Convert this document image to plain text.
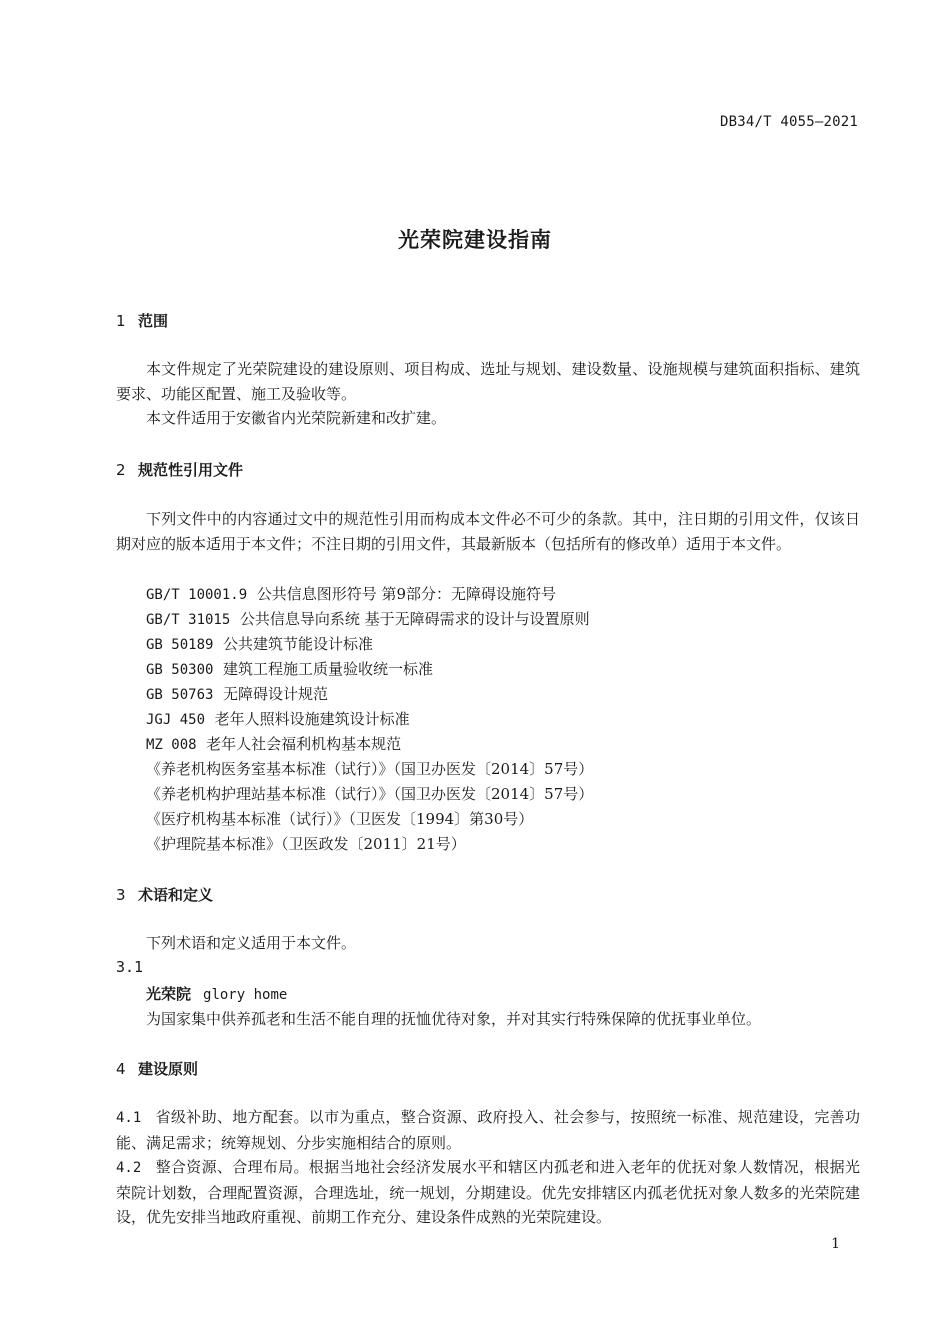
DB34/T 4055—2021
光荣院建设指南
1 范围
本文件规定了光荣院建设的建设原则、项目构成、选址与规划、建设数量、设施规模与建筑面积指标、建筑要求、功能区配置、施工及验收等。
本文件适用于安徽省内光荣院新建和改扩建。
2 规范性引用文件
下列文件中的内容通过文中的规范性引用而构成本文件必不可少的条款。其中，注日期的引用文件，仅该日期对应的版本适用于本文件；不注日期的引用文件，其最新版本（包括所有的修改单）适用于本文件。
GB/T 10001.9 公共信息图形符号 第9部分：无障碍设施符号
GB/T 31015 公共信息导向系统 基于无障碍需求的设计与设置原则
GB 50189 公共建筑节能设计标准
GB 50300 建筑工程施工质量验收统一标准
GB 50763 无障碍设计规范
JGJ 450 老年人照料设施建筑设计标准
MZ 008 老年人社会福利机构基本规范
《养老机构医务室基本标准（试行）》（国卫办医发〔2014〕57号）
《养老机构护理站基本标准（试行）》（国卫办医发〔2014〕57号）
《医疗机构基本标准（试行）》（卫医发〔1994〕第30号）
《护理院基本标准》（卫医政发〔2011〕21号）
3 术语和定义
下列术语和定义适用于本文件。
3.1
光荣院 glory home
为国家集中供养孤老和生活不能自理的抚恤优待对象，并对其实行特殊保障的优抚事业单位。
4 建设原则
4.1 省级补助、地方配套。以市为重点，整合资源、政府投入、社会参与，按照统一标准、规范建设，完善功能、满足需求；统筹规划、分步实施相结合的原则。
4.2 整合资源、合理布局。根据当地社会经济发展水平和辖区内孤老和进入老年的优抚对象人数情况，根据光荣院计划数，合理配置资源，合理选址，统一规划，分期建设。优先安排辖区内孤老优抚对象人数多的光荣院建设，优先安排当地政府重视、前期工作充分、建设条件成熟的光荣院建设。
1
